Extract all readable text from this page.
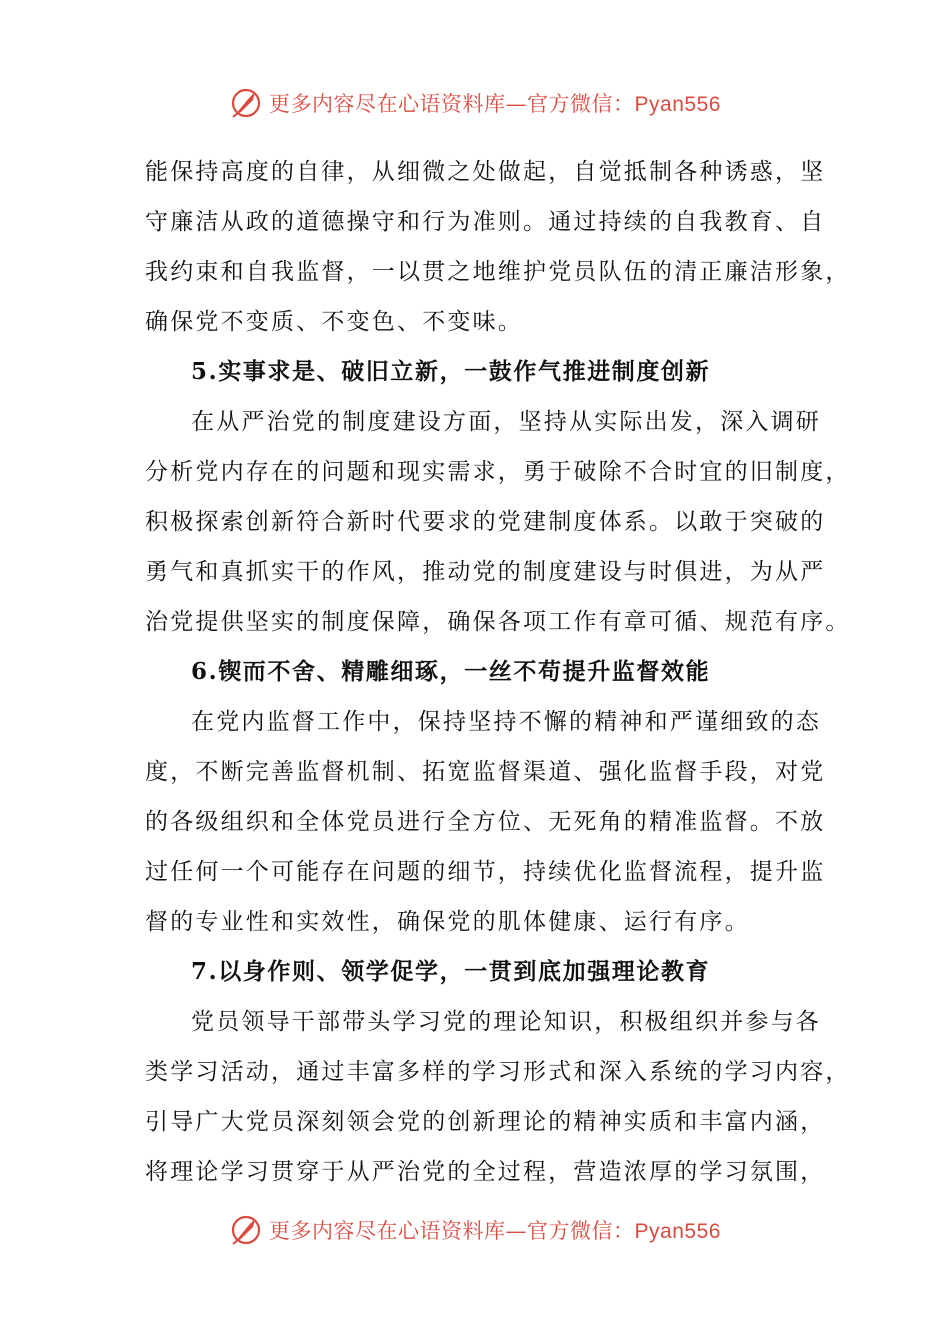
更多内容尽在心语资料库—官方微信：Pyan556
能保持高度的自律，从细微之处做起，自觉抵制各种诱惑，坚
守廉洁从政的道德操守和行为准则。通过持续的自我教育、自
我约束和自我监督，一以贯之地维护党员队伍的清正廉洁形象，
确保党不变质、不变色、不变味。
5.实事求是、破旧立新，一鼓作气推进制度创新
在从严治党的制度建设方面，坚持从实际出发，深入调研
分析党内存在的问题和现实需求，勇于破除不合时宜的旧制度，
积极探索创新符合新时代要求的党建制度体系。以敢于突破的
勇气和真抓实干的作风，推动党的制度建设与时俱进，为从严
治党提供坚实的制度保障，确保各项工作有章可循、规范有序。
6.锲而不舍、精雕细琢，一丝不苟提升监督效能
在党内监督工作中，保持坚持不懈的精神和严谨细致的态
度，不断完善监督机制、拓宽监督渠道、强化监督手段，对党
的各级组织和全体党员进行全方位、无死角的精准监督。不放
过任何一个可能存在问题的细节，持续优化监督流程，提升监
督的专业性和实效性，确保党的肌体健康、运行有序。
7.以身作则、领学促学，一贯到底加强理论教育
党员领导干部带头学习党的理论知识，积极组织并参与各
类学习活动，通过丰富多样的学习形式和深入系统的学习内容，
引导广大党员深刻领会党的创新理论的精神实质和丰富内涵，
将理论学习贯穿于从严治党的全过程，营造浓厚的学习氛围，
更多内容尽在心语资料库—官方微信：Pyan556
